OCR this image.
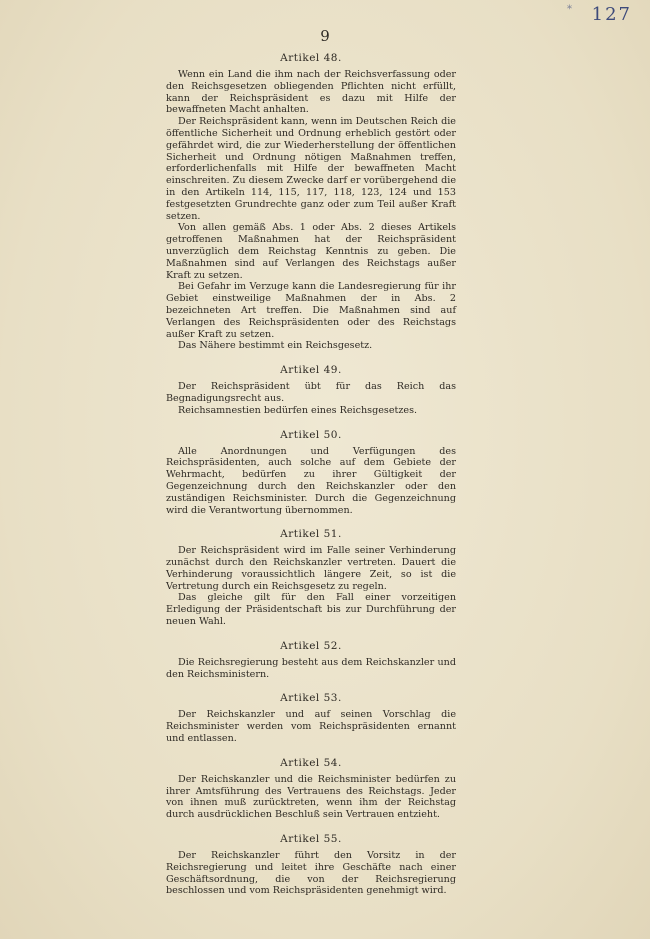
* 127
9
Artikel 48.

Wenn ein Land die ihm nach der Reichsverfassung oder den Reichsgesetzen obliegenden Pflichten nicht erfüllt, kann der Reichspräsident es dazu mit Hilfe der bewaffneten Macht anhalten.

Der Reichspräsident kann, wenn im Deutschen Reich die öffentliche Sicherheit und Ordnung erheblich gestört oder gefährdet wird, die zur Wiederherstellung der öffentlichen Sicherheit und Ordnung nötigen Maßnahmen treffen, erforderlichenfalls mit Hilfe der bewaffneten Macht einschreiten. Zu diesem Zwecke darf er vorübergehend die in den Artikeln 114, 115, 117, 118, 123, 124 und 153 festgesetzten Grundrechte ganz oder zum Teil außer Kraft setzen.

Von allen gemäß Abs. 1 oder Abs. 2 dieses Artikels getroffenen Maßnahmen hat der Reichspräsident unverzüglich dem Reichstag Kenntnis zu geben. Die Maßnahmen sind auf Verlangen des Reichstags außer Kraft zu setzen.

Bei Gefahr im Verzuge kann die Landesregierung für ihr Gebiet einstweilige Maßnahmen der in Abs. 2 bezeichneten Art treffen. Die Maßnahmen sind auf Verlangen des Reichspräsidenten oder des Reichstags außer Kraft zu setzen.

Das Nähere bestimmt ein Reichsgesetz.

Artikel 49.

Der Reichspräsident übt für das Reich das Begnadigungsrecht aus.

Reichsamnestien bedürfen eines Reichsgesetzes.

Artikel 50.

Alle Anordnungen und Verfügungen des Reichspräsidenten, auch solche auf dem Gebiete der Wehrmacht, bedürfen zu ihrer Gültigkeit der Gegenzeichnung durch den Reichskanzler oder den zuständigen Reichsminister. Durch die Gegenzeichnung wird die Verantwortung übernommen.

Artikel 51.

Der Reichspräsident wird im Falle seiner Verhinderung zunächst durch den Reichskanzler vertreten. Dauert die Verhinderung voraussichtlich längere Zeit, so ist die Vertretung durch ein Reichsgesetz zu regeln.

Das gleiche gilt für den Fall einer vorzeitigen Erledigung der Präsidentschaft bis zur Durchführung der neuen Wahl.

Artikel 52.

Die Reichsregierung besteht aus dem Reichskanzler und den Reichsministern.

Artikel 53.

Der Reichskanzler und auf seinen Vorschlag die Reichsminister werden vom Reichspräsidenten ernannt und entlassen.

Artikel 54.

Der Reichskanzler und die Reichsminister bedürfen zu ihrer Amtsführung des Vertrauens des Reichstags. Jeder von ihnen muß zurücktreten, wenn ihm der Reichstag durch ausdrücklichen Beschluß sein Vertrauen entzieht.

Artikel 55.

Der Reichskanzler führt den Vorsitz in der Reichsregierung und leitet ihre Geschäfte nach einer Geschäftsordnung, die von der Reichsregierung beschlossen und vom Reichspräsidenten genehmigt wird.
